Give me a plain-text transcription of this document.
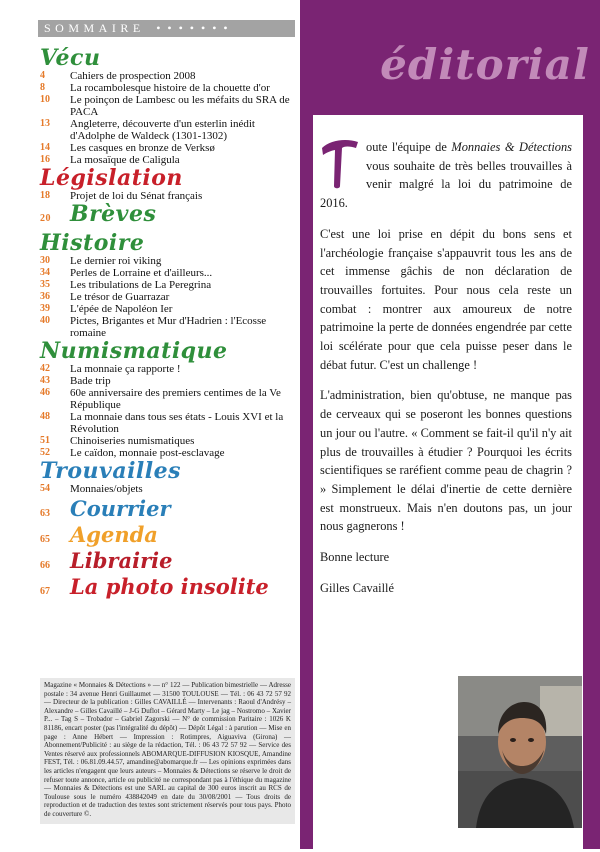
SOMMAIRE • • • • • • •
Vécu
4	Cahiers de prospection 2008
8	La rocambolesque histoire de la chouette d'or
10	Le poinçon de Lambesc ou les méfaits du SRA de PACA
13	Angleterre, découverte d'un esterlin inédit d'Adolphe de Waldeck (1301-1302)
14	Les casques en bronze de Verksø
16	La mosaïque de Caligula
Législation
18	Projet de loi du Sénat français
20 Brèves
Histoire
30	Le dernier roi viking
34	Perles de Lorraine et d'ailleurs...
35	Les tribulations de La Peregrina
36	Le trésor de Guarrazar
39	L'épée de Napoléon Ier
40	Pictes, Brigantes et Mur d'Hadrien : l'Ecosse romaine
Numismatique
42	La monnaie ça rapporte !
43	Bade trip
46	60e anniversaire des premiers centimes de la Ve République
48	La monnaie dans tous ses états - Louis XVI et la Révolution
51	Chinoiseries numismatiques
52	Le caïdon, monnaie post-esclavage
Trouvailles
54	Monnaies/objets
63 Courrier
65 Agenda
66 Librairie
67 La photo insolite
Magazine « Monnaies & Détections » — n° 122 — Publication bimestrielle — Adresse postale : 34 avenue Henri Guillaumet — 31500 TOULOUSE — Tél. : 06 43 72 57 92 — Directeur de la publication : Gilles CAVAILLÉ — Intervenants : Raoul d'Andrésy – Alexandre – Gilles Cavaillé – J-G Duflot – Gérard Marty – Le jag – Nostromo – Xavier P... – Tag S – Trobador – Gabriel Zagorski — N° de commission Paritaire : 1026 K 81186, encart poster (pas l'intégralité du dépôt) — Dépôt Légal : à parution — Mise en page : Anne Hébert — Impression : Rotimpres, Aiguaviva (Girona) — Abonnement/Publicité : au siège de la rédaction, Tél. : 06 43 72 57 92 — Service des Ventes réservé aux professionnels ABOMARQUE-DIFFUSION KIOSQUE, Amandine FEST, Tél. : 06.81.09.44.57, amandine@abomarque.fr — Les opinions exprimées dans les articles n'engagent que leurs auteurs – Monnaies & Détections se réserve le droit de refuser toute annonce, article ou publicité ne correspondant pas à l'éthique du magazine — Monnaies & Détections est une SARL au capital de 300 euros inscrit au RCS de Toulouse sous le numéro 438842049 en date du 30/08/2001 — Tous droits de reproduction et de traduction des textes sont strictement réservés pour tous pays. Photo de couverture ©.
éditorial

oute l'équipe de Monnaies & Détections vous souhaite de très belles trouvailles à venir malgré la loi du patrimoine de 2016.

C'est une loi prise en dépit du bons sens et l'archéologie française s'appauvrit tous les ans de cet immense gâchis de non déclaration de trouvailles fortuites. Pour nous cela reste un combat : montrer aux amoureux de notre patrimoine la perte de données engendrée par cette loi scélérate pour que cela puisse peser dans le débat futur. C'est un challenge !

L'administration, bien qu'obtuse, ne manque pas de cerveaux qui se poseront les bonnes questions un jour ou l'autre. « Comment se fait-il qu'il n'y ait plus de trouvailles à étudier ? Pourquoi les écrits scientifiques se raréfient comme peau de chagrin ? » Simplement le délai d'inertie de cette dernière est monstrueux. Mais n'en doutons pas, un jour nous gagnerons !

Bonne lecture

Gilles Cavaillé
